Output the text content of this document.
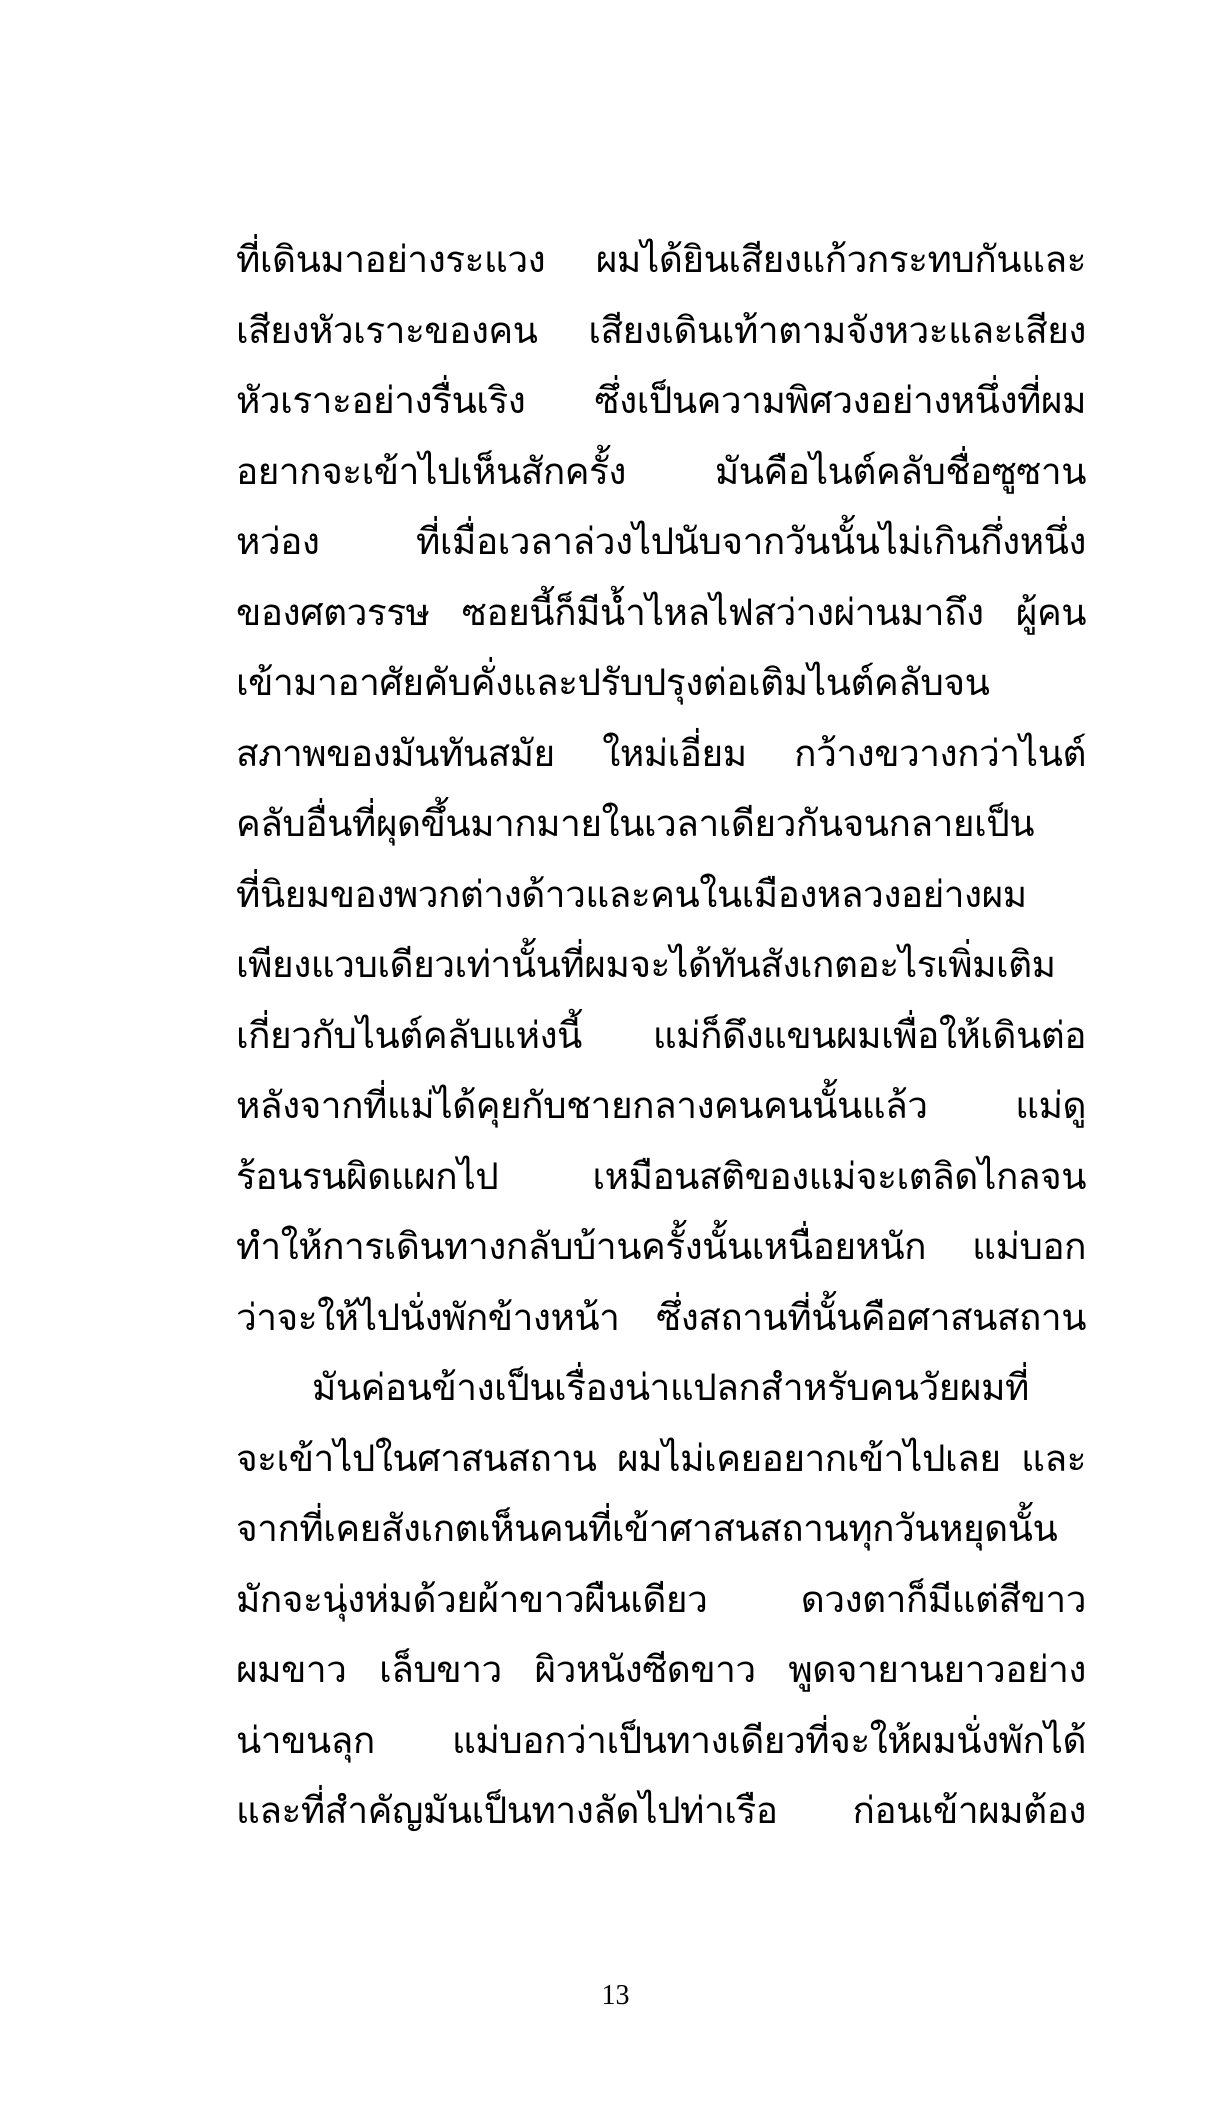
ที่เดินมาอย่างระแวง ผมได้ยินเสียงแก้วกระทบกันและ
เสียงหัวเราะของคน เสียงเดินเท้าตามจังหวะและเสียง
หัวเราะอย่างรื่นเริง ซึ่งเป็นความพิศวงอย่างหนึ่งที่ผม
อยากจะเข้าไปเห็นสักครั้ง มันคือไนต์คลับชื่อซูซาน
หว่อง ที่เมื่อเวลาล่วงไปนับจากวันนั้นไม่เกินกึ่งหนึ่ง
ของศตวรรษ ซอยนี้ก็มีน้ำไหลไฟสว่างผ่านมาถึง ผู้คน
เข้ามาอาศัยคับคั่งและปรับปรุงต่อเติมไนต์คลับจน
สภาพของมันทันสมัย ใหม่เอี่ยม กว้างขวางกว่าไนต์
คลับอื่นที่ผุดขึ้นมากมายในเวลาเดียวกันจนกลายเป็น
ที่นิยมของพวกต่างด้าวและคนในเมืองหลวงอย่างผม
เพียงแวบเดียวเท่านั้นที่ผมจะได้ทันสังเกตอะไรเพิ่มเติม
เกี่ยวกับไนต์คลับแห่งนี้ แม่ก็ดึงแขนผมเพื่อให้เดินต่อ
หลังจากที่แม่ได้คุยกับชายกลางคนคนนั้นแล้ว แม่ดู
ร้อนรนผิดแผกไป เหมือนสติของแม่จะเตลิดไกลจน
ทำให้การเดินทางกลับบ้านครั้งนั้นเหนื่อยหนัก แม่บอก
ว่าจะให้ไปนั่งพักข้างหน้า ซึ่งสถานที่นั้นคือศาสนสถาน
มันค่อนข้างเป็นเรื่องน่าแปลกสำหรับคนวัยผมที่
จะเข้าไปในศาสนสถาน ผมไม่เคยอยากเข้าไปเลย และ
จากที่เคยสังเกตเห็นคนที่เข้าศาสนสถานทุกวันหยุดนั้น
มักจะนุ่งห่มด้วยผ้าขาวผืนเดียว ดวงตาก็มีแต่สีขาว
ผมขาว เล็บขาว ผิวหนังซีดขาว พูดจายานยาวอย่าง
น่าขนลุก แม่บอกว่าเป็นทางเดียวที่จะให้ผมนั่งพักได้
และที่สำคัญมันเป็นทางลัดไปท่าเรือ ก่อนเข้าผมต้อง
13
